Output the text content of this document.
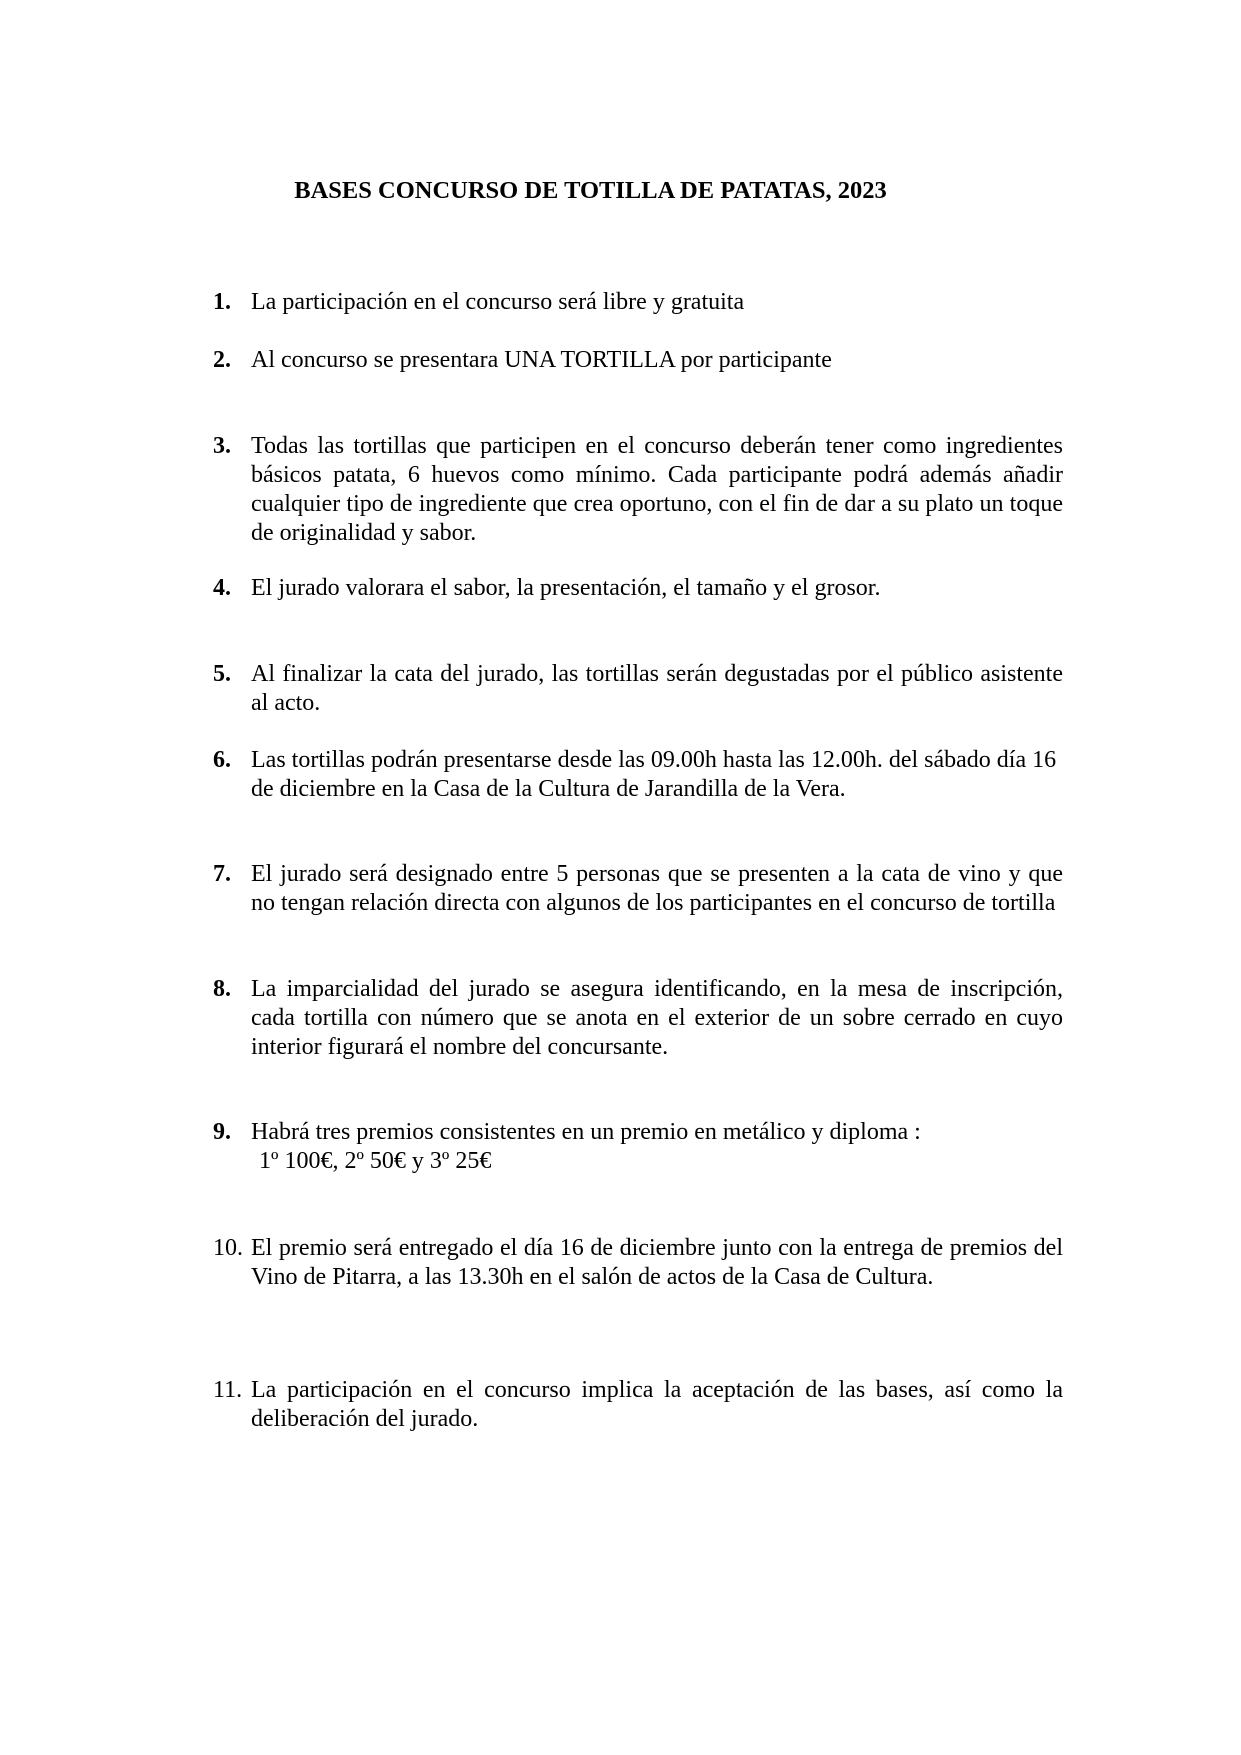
BASES CONCURSO DE TOTILLA DE PATATAS, 2023
1. La participación en el concurso será libre y gratuita
2. Al concurso se presentara UNA TORTILLA por participante
3. Todas las tortillas que participen en el concurso deberán tener como ingredientes básicos patata, 6 huevos como mínimo. Cada participante podrá además añadir cualquier tipo de ingrediente que crea oportuno, con el fin de dar a su plato un toque de originalidad y sabor.
4. El jurado valorara el sabor, la presentación, el tamaño y el grosor.
5. Al finalizar la cata del jurado, las tortillas serán degustadas por el público asistente al acto.
6. Las tortillas podrán presentarse desde las 09.00h hasta las 12.00h. del sábado día 16 de diciembre en la Casa de la Cultura de Jarandilla de la Vera.
7. El jurado será designado entre 5 personas que se presenten a la cata de vino y que no tengan relación directa con algunos de los participantes en el concurso de tortilla
8. La imparcialidad del jurado se asegura identificando, en la mesa de inscripción, cada tortilla con número que se anota en el exterior de un sobre cerrado en cuyo interior figurará el nombre del concursante.
9. Habrá tres premios consistentes en un premio en metálico y diploma :
1º 100€, 2º 50€ y 3º 25€
10. El premio será entregado el día 16 de diciembre junto con la entrega de premios del Vino de Pitarra, a las 13.30h en el salón de actos de la Casa de Cultura.
11. La participación en el concurso implica la aceptación de las bases, así como la deliberación del jurado.
